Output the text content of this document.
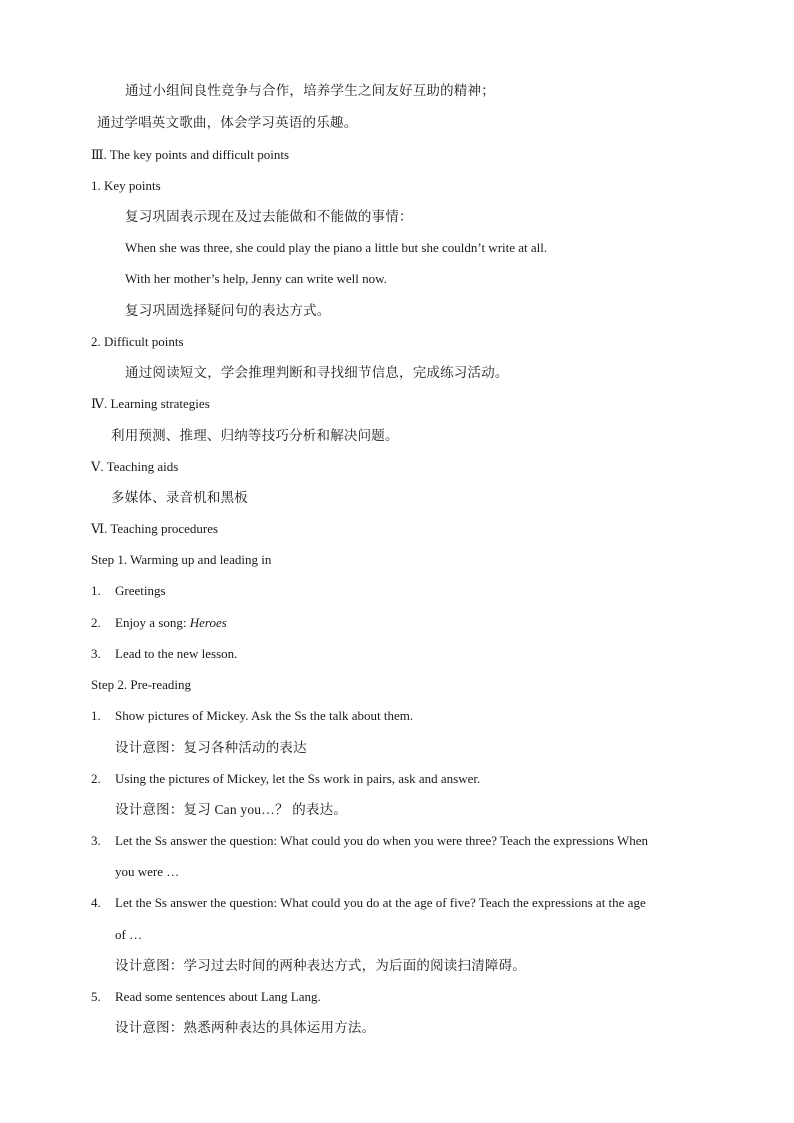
通过小组间良性竞争与合作，培养学生之间友好互助的精神；
通过学唱英文歌曲，体会学习英语的乐趣。
Ⅲ. The key points and difficult points
1. Key points
复习巩固表示现在及过去能做和不能做的事情：
When she was three, she could play the piano a little but she couldn’t write at all.
With her mother’s help, Jenny can write well now.
复习巩固选择疑问句的表达方式。
2. Difficult points
通过阅读短文，学会推理判断和寻找细节信息，完成练习活动。
Ⅳ. Learning strategies
利用预测、推理、归纳等技巧分析和解决问题。
Ⅴ. Teaching aids
多媒体、录音机和黑板
Ⅵ. Teaching procedures
Step 1. Warming up and leading in
1. Greetings
2. Enjoy a song: Heroes
3. Lead to the new lesson.
Step 2. Pre-reading
1. Show pictures of Mickey. Ask the Ss the talk about them.
设计意图：复习各种活动的表达
2. Using the pictures of Mickey, let the Ss work in pairs, ask and answer.
设计意图：复习 Can you…？ 的表达。
3. Let the Ss answer the question: What could you do when you were three? Teach the expressions When
you were …
4. Let the Ss answer the question: What could you do at the age of five? Teach the expressions at the age
of …
设计意图：学习过去时间的两种表达方式，为后面的阅读扫清障碍。
5. Read some sentences about Lang Lang.
设计意图：熟悉两种表达的具体运用方法。
